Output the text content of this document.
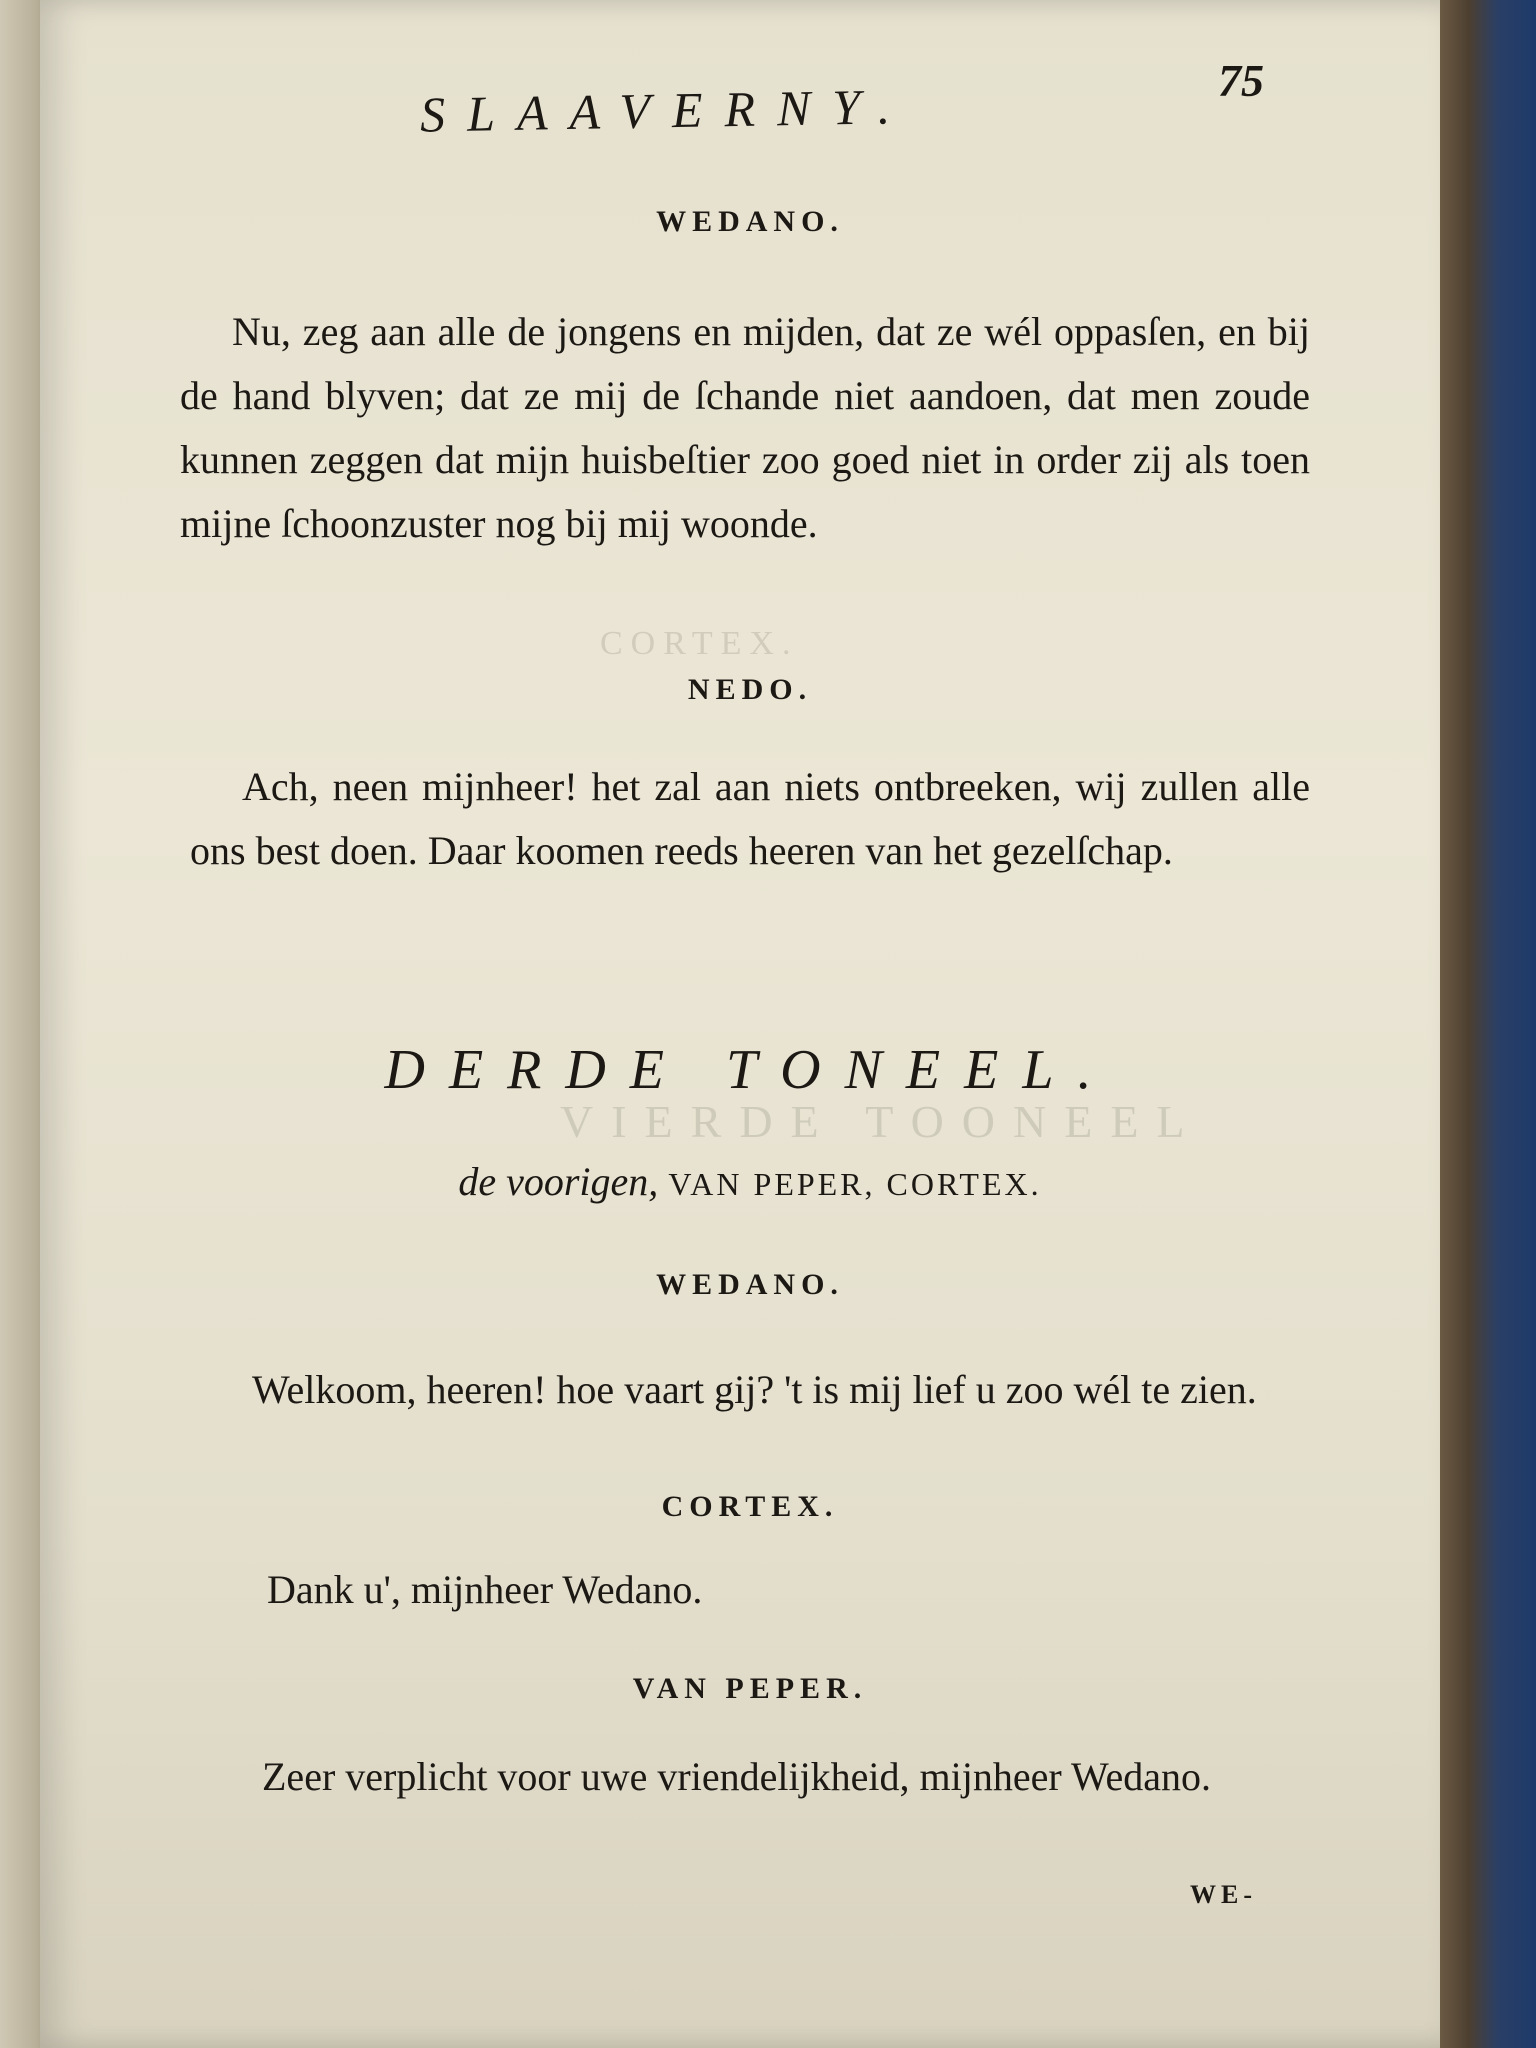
CORTEX.
VIERDE TOONEEL
SLAAVERNY.	75
WEDANO.

Nu, zeg aan alle de jongens en mijden, dat ze wél oppasſen, en bij de hand blyven; dat ze mij de ſchande niet aandoen, dat men zoude kunnen zeggen dat mijn huisbeſtier zoo goed niet in order zij als toen mijne ſchoonzuster nog bij mij woonde.

NEDO.

Ach, neen mijnheer! het zal aan niets ontbreeken, wij zullen alle ons best doen. Daar koomen reeds heeren van het gezelſchap.

DERDE TONEEL.
de voorigen, VAN PEPER, CORTEX.
WEDANO.

Welkoom, heeren! hoe vaart gij? 't is mij lief u zoo wél te zien.

CORTEX.

Dank u', mijnheer Wedano.

VAN PEPER.

Zeer verplicht voor uwe vriendelijkheid, mijnheer Wedano.

WE-
